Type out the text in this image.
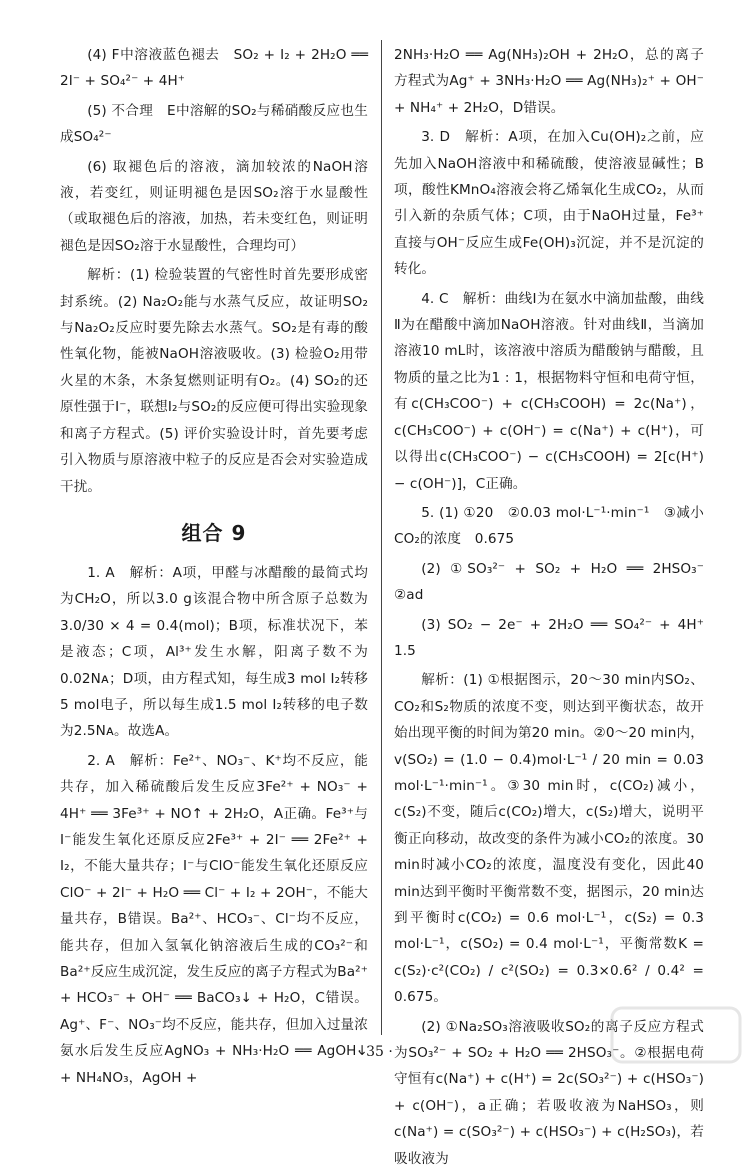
(4) F中溶液蓝色褪去　SO₂ + I₂ + 2H₂O ══ 2I⁻ + SO₄²⁻ + 4H⁺

(5) 不合理　E中溶解的SO₂与稀硝酸反应也生成SO₄²⁻

(6) 取褪色后的溶液，滴加较浓的NaOH溶液，若变红，则证明褪色是因SO₂溶于水显酸性（或取褪色后的溶液，加热，若未变红色，则证明褪色是因SO₂溶于水显酸性，合理均可）

解析：(1) 检验装置的气密性时首先要形成密封系统。(2) Na₂O₂能与水蒸气反应，故证明SO₂与Na₂O₂反应时要先除去水蒸气。SO₂是有毒的酸性氧化物，能被NaOH溶液吸收。(3) 检验O₂用带火星的木条，木条复燃则证明有O₂。(4) SO₂的还原性强于I⁻，联想I₂与SO₂的反应便可得出实验现象和离子方程式。(5) 评价实验设计时，首先要考虑引入物质与原溶液中粒子的反应是否会对实验造成干扰。

组合 9

1. A　解析：A项，甲醛与冰醋酸的最简式均为CH₂O，所以3.0 g该混合物中所含原子总数为3.0/30 × 4 = 0.4(mol)；B项，标准状况下，苯是液态；C项，Al³⁺发生水解，阳离子数不为0.02Nᴀ；D项，由方程式知，每生成3 mol I₂转移5 mol电子，所以每生成1.5 mol I₂转移的电子数为2.5Nᴀ。故选A。

2. A　解析：Fe²⁺、NO₃⁻、K⁺均不反应，能共存，加入稀硫酸后发生反应3Fe²⁺ + NO₃⁻ + 4H⁺ ══ 3Fe³⁺ + NO↑ + 2H₂O，A正确。Fe³⁺与I⁻能发生氧化还原反应2Fe³⁺ + 2I⁻ ══ 2Fe²⁺ + I₂，不能大量共存；I⁻与ClO⁻能发生氧化还原反应ClO⁻ + 2I⁻ + H₂O ══ Cl⁻ + I₂ + 2OH⁻，不能大量共存，B错误。Ba²⁺、HCO₃⁻、Cl⁻均不反应，能共存，但加入氢氧化钠溶液后生成的CO₃²⁻和Ba²⁺反应生成沉淀，发生反应的离子方程式为Ba²⁺ + HCO₃⁻ + OH⁻ ══ BaCO₃↓ + H₂O，C错误。Ag⁺、F⁻、NO₃⁻均不反应，能共存，但加入过量浓氨水后发生反应AgNO₃ + NH₃·H₂O ══ AgOH↓ + NH₄NO₃，AgOH +

2NH₃·H₂O ══ Ag(NH₃)₂OH + 2H₂O，总的离子方程式为Ag⁺ + 3NH₃·H₂O ══ Ag(NH₃)₂⁺ + OH⁻ + NH₄⁺ + 2H₂O，D错误。

3. D　解析：A项，在加入Cu(OH)₂之前，应先加入NaOH溶液中和稀硫酸，使溶液显碱性；B项，酸性KMnO₄溶液会将乙烯氧化生成CO₂，从而引入新的杂质气体；C项，由于NaOH过量，Fe³⁺直接与OH⁻反应生成Fe(OH)₃沉淀，并不是沉淀的转化。

4. C　解析：曲线Ⅰ为在氨水中滴加盐酸，曲线Ⅱ为在醋酸中滴加NaOH溶液。针对曲线Ⅱ，当滴加溶液10 mL时，该溶液中溶质为醋酸钠与醋酸，且物质的量之比为1 : 1，根据物料守恒和电荷守恒，有c(CH₃COO⁻) + c(CH₃COOH) = 2c(Na⁺)，c(CH₃COO⁻) + c(OH⁻) = c(Na⁺) + c(H⁺)，可以得出c(CH₃COO⁻) − c(CH₃COOH) = 2[c(H⁺) − c(OH⁻)]，C正确。

5. (1) ①20　②0.03 mol·L⁻¹·min⁻¹　③减小CO₂的浓度　0.675

(2) ①SO₃²⁻ + SO₂ + H₂O ══ 2HSO₃⁻　②ad

(3) SO₂ − 2e⁻ + 2H₂O ══ SO₄²⁻ + 4H⁺　1.5

解析：(1) ①根据图示，20～30 min内SO₂、CO₂和S₂物质的浓度不变，则达到平衡状态，故开始出现平衡的时间为第20 min。②0～20 min内，v(SO₂) = (1.0 − 0.4)mol·L⁻¹ / 20 min = 0.03 mol·L⁻¹·min⁻¹。③30 min时，c(CO₂)减小，c(S₂)不变，随后c(CO₂)增大，c(S₂)增大，说明平衡正向移动，故改变的条件为减小CO₂的浓度。30 min时减小CO₂的浓度，温度没有变化，因此40 min达到平衡时平衡常数不变，据图示，20 min达到平衡时c(CO₂) = 0.6 mol·L⁻¹，c(S₂) = 0.3 mol·L⁻¹，c(SO₂) = 0.4 mol·L⁻¹，平衡常数K = c(S₂)·c²(CO₂) / c²(SO₂) = 0.3×0.6² / 0.4² = 0.675。

(2) ①Na₂SO₃溶液吸收SO₂的离子反应方程式为SO₃²⁻ + SO₂ + H₂O ══ 2HSO₃⁻。②根据电荷守恒有c(Na⁺) + c(H⁺) = 2c(SO₃²⁻) + c(HSO₃⁻) + c(OH⁻)，a正确；若吸收液为NaHSO₃，则c(Na⁺) = c(SO₃²⁻) + c(HSO₃⁻) + c(H₂SO₃)，若吸收液为

· 35 ·
